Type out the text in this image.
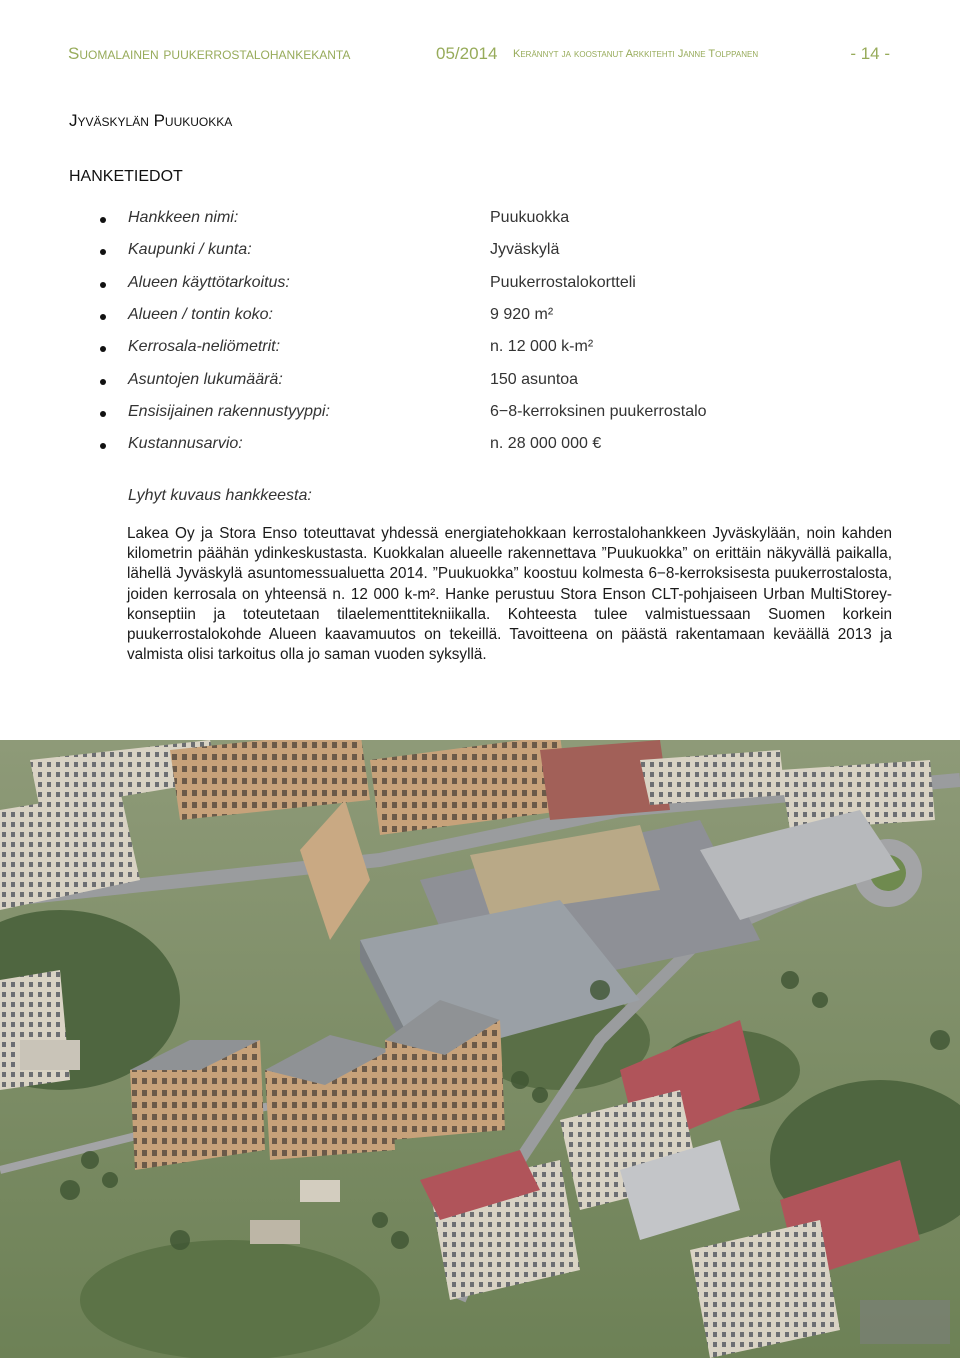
Suomalainen puukerrostalohankekanta	05/2014 Kerännyt ja koostanut Arkkitehti Janne Tolppanen	- 14 -
Jyväskylän Puukuokka
HANKETIEDOT
Hankkeen nimi:	Puukuokka
Kaupunki / kunta:	Jyväskylä
Alueen käyttötarkoitus:	Puukerrostalokortteli
Alueen / tontin koko:	9 920 m²
Kerrosala-neliömetrit:	n. 12 000 k-m²
Asuntojen lukumäärä:	150 asuntoa
Ensisijainen rakennustyyppi:	6−8-kerroksinen puukerrostalo
Kustannusarvio:	n. 28 000 000 €
Lyhyt kuvaus hankkeesta:

Lakea Oy ja Stora Enso toteuttavat yhdessä energiatehokkaan kerrostalohankkeen Jyväskylään, noin kahden kilometrin päähän ydinkeskustasta. Kuokkalan alueelle rakennettava ”Puukuokka” on erittäin näkyvällä paikalla, lähellä Jyväskylä asuntomessualuetta 2014. ”Puukuokka” koostuu kolmesta 6−8-kerroksisesta puukerrostalosta, joiden kerrosala on yhteensä n. 12 000 k-m². Hanke perustuu Stora Enson CLT-pohjaiseen Urban MultiStorey-konseptiin ja toteutetaan tilaelementtitekniikalla. Kohteesta tulee valmistuessaan Suomen korkein puukerrostalokohde Alueen kaavamuutos on tekeillä. Tavoitteena on päästä rakentamaan keväällä 2013 ja valmista olisi tarkoitus olla jo saman vuoden syksyllä.
